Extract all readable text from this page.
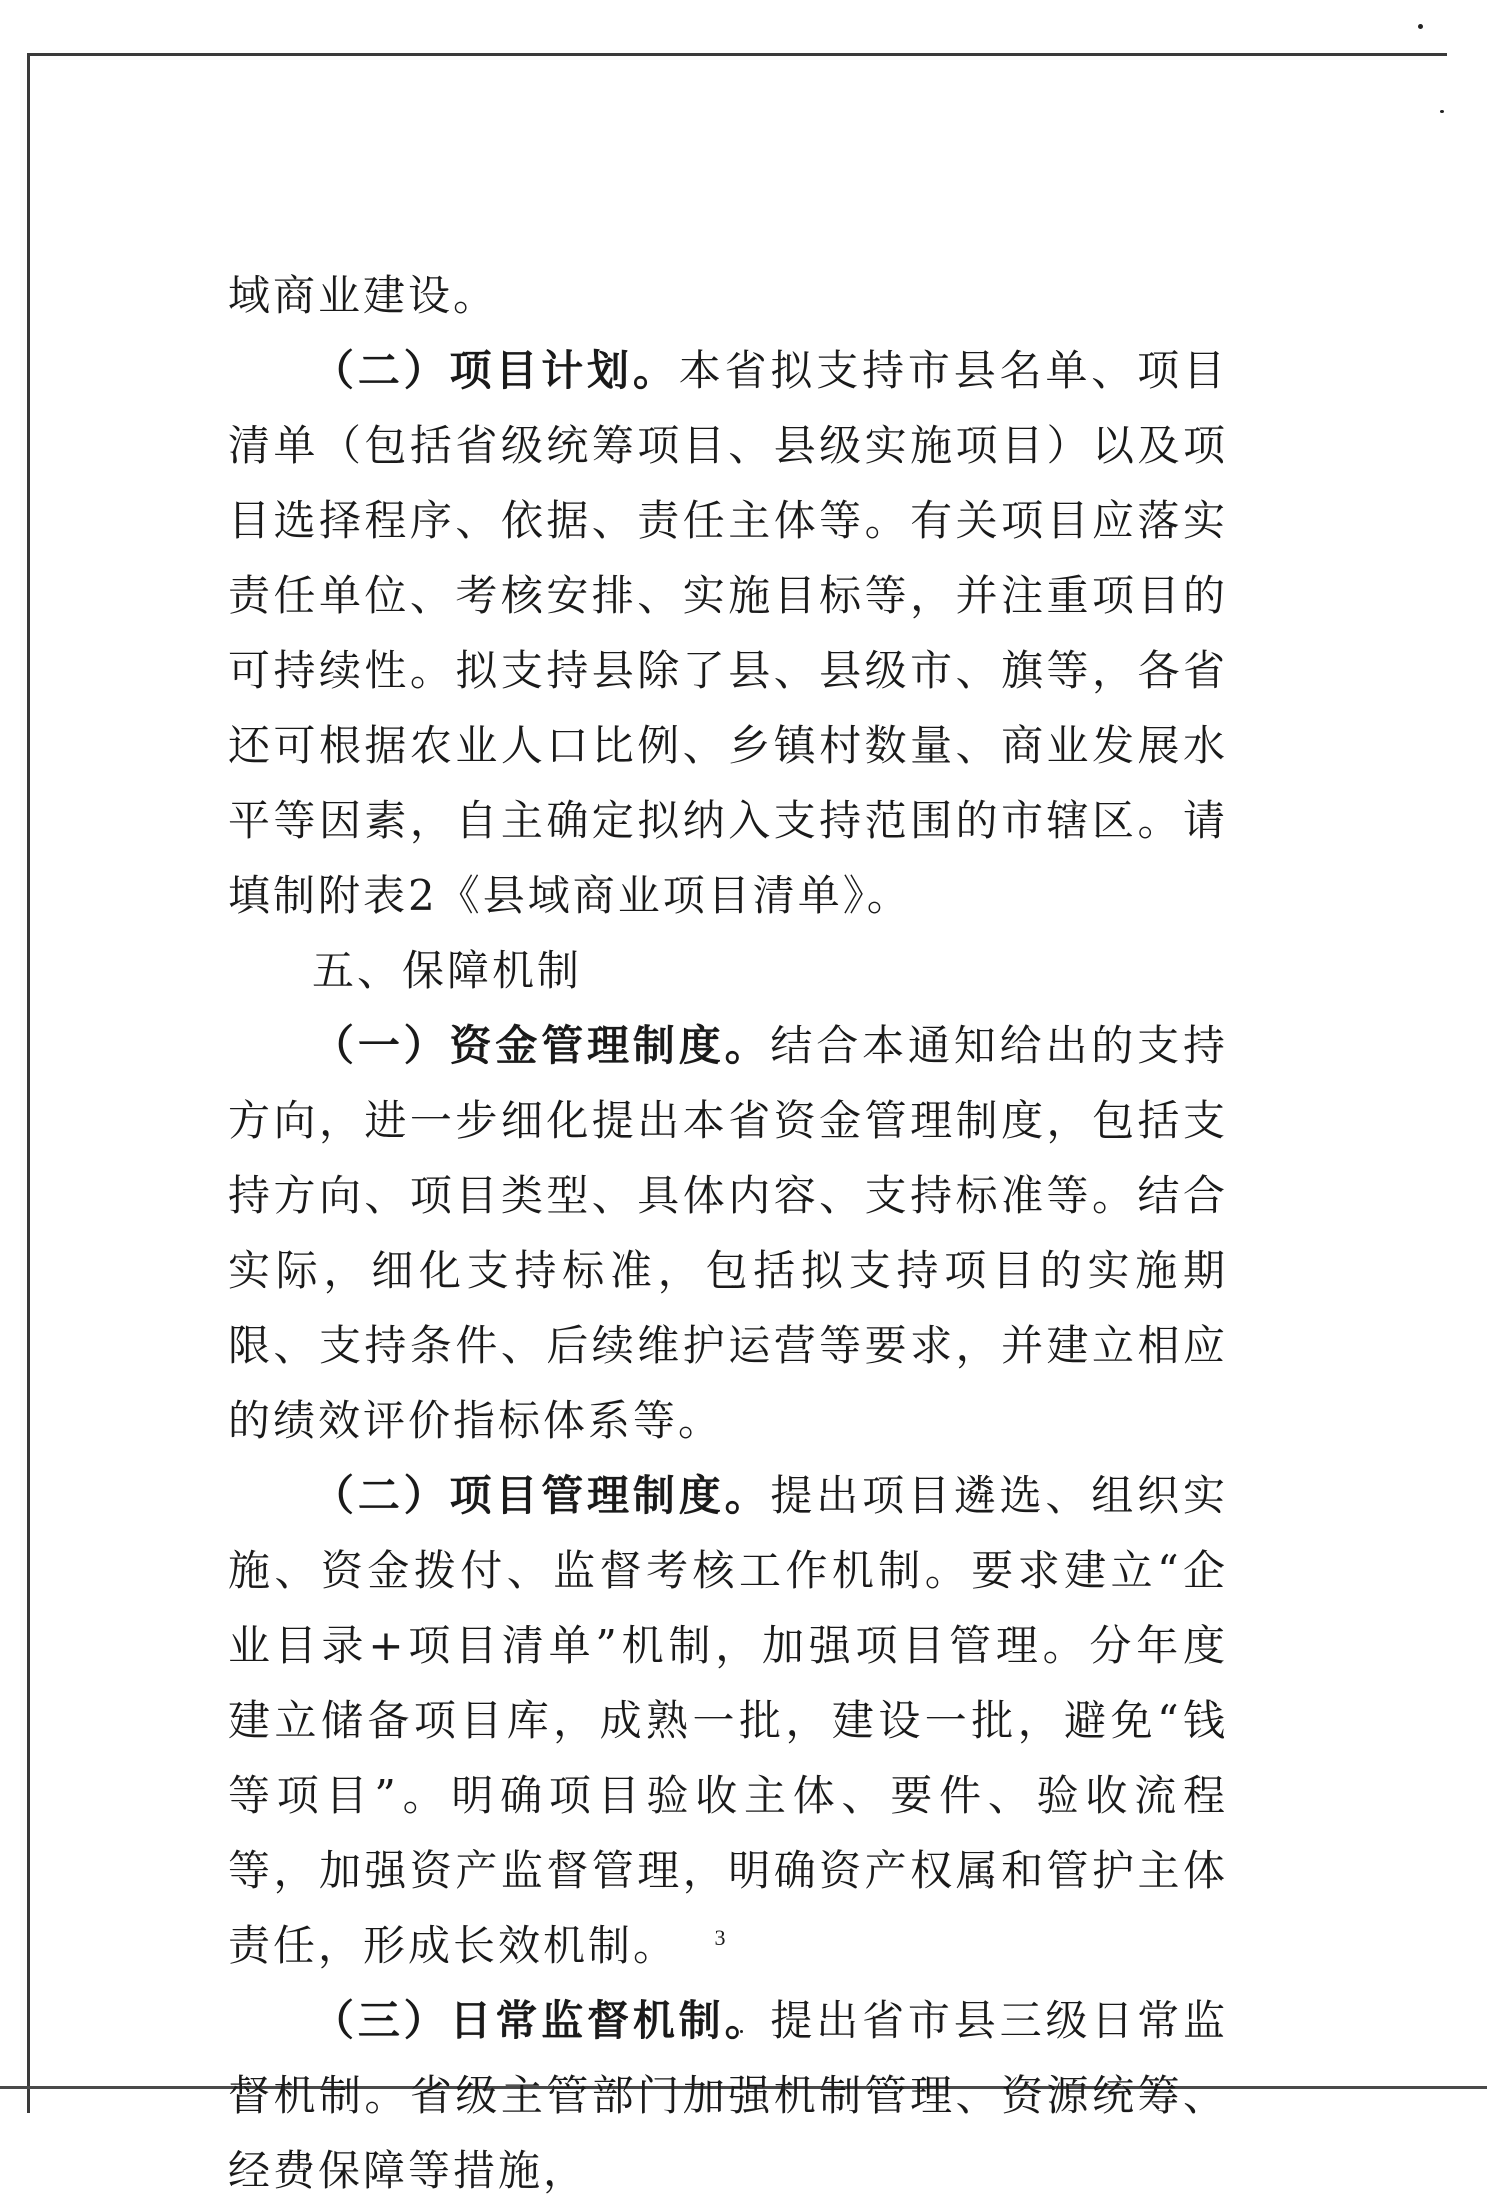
域商业建设。

（二）项目计划。本省拟支持市县名单、项目清单（包括省级统筹项目、县级实施项目）以及项目选择程序、依据、责任主体等。有关项目应落实责任单位、考核安排、实施目标等，并注重项目的可持续性。拟支持县除了县、县级市、旗等，各省还可根据农业人口比例、乡镇村数量、商业发展水平等因素，自主确定拟纳入支持范围的市辖区。请填制附表2《县域商业项目清单》。

五、保障机制

（一）资金管理制度。结合本通知给出的支持方向，进一步细化提出本省资金管理制度，包括支持方向、项目类型、具体内容、支持标准等。结合实际，细化支持标准，包括拟支持项目的实施期限、支持条件、后续维护运营等要求，并建立相应的绩效评价指标体系等。

（二）项目管理制度。提出项目遴选、组织实施、资金拨付、监督考核工作机制。要求建立“企业目录+项目清单”机制，加强项目管理。分年度建立储备项目库，成熟一批，建设一批，避免“钱等项目”。明确项目验收主体、要件、验收流程等，加强资产监督管理，明确资产权属和管护主体责任，形成长效机制。

（三）日常监督机制。提出省市县三级日常监督机制。省级主管部门加强机制管理、资源统筹、经费保障等措施，

3
